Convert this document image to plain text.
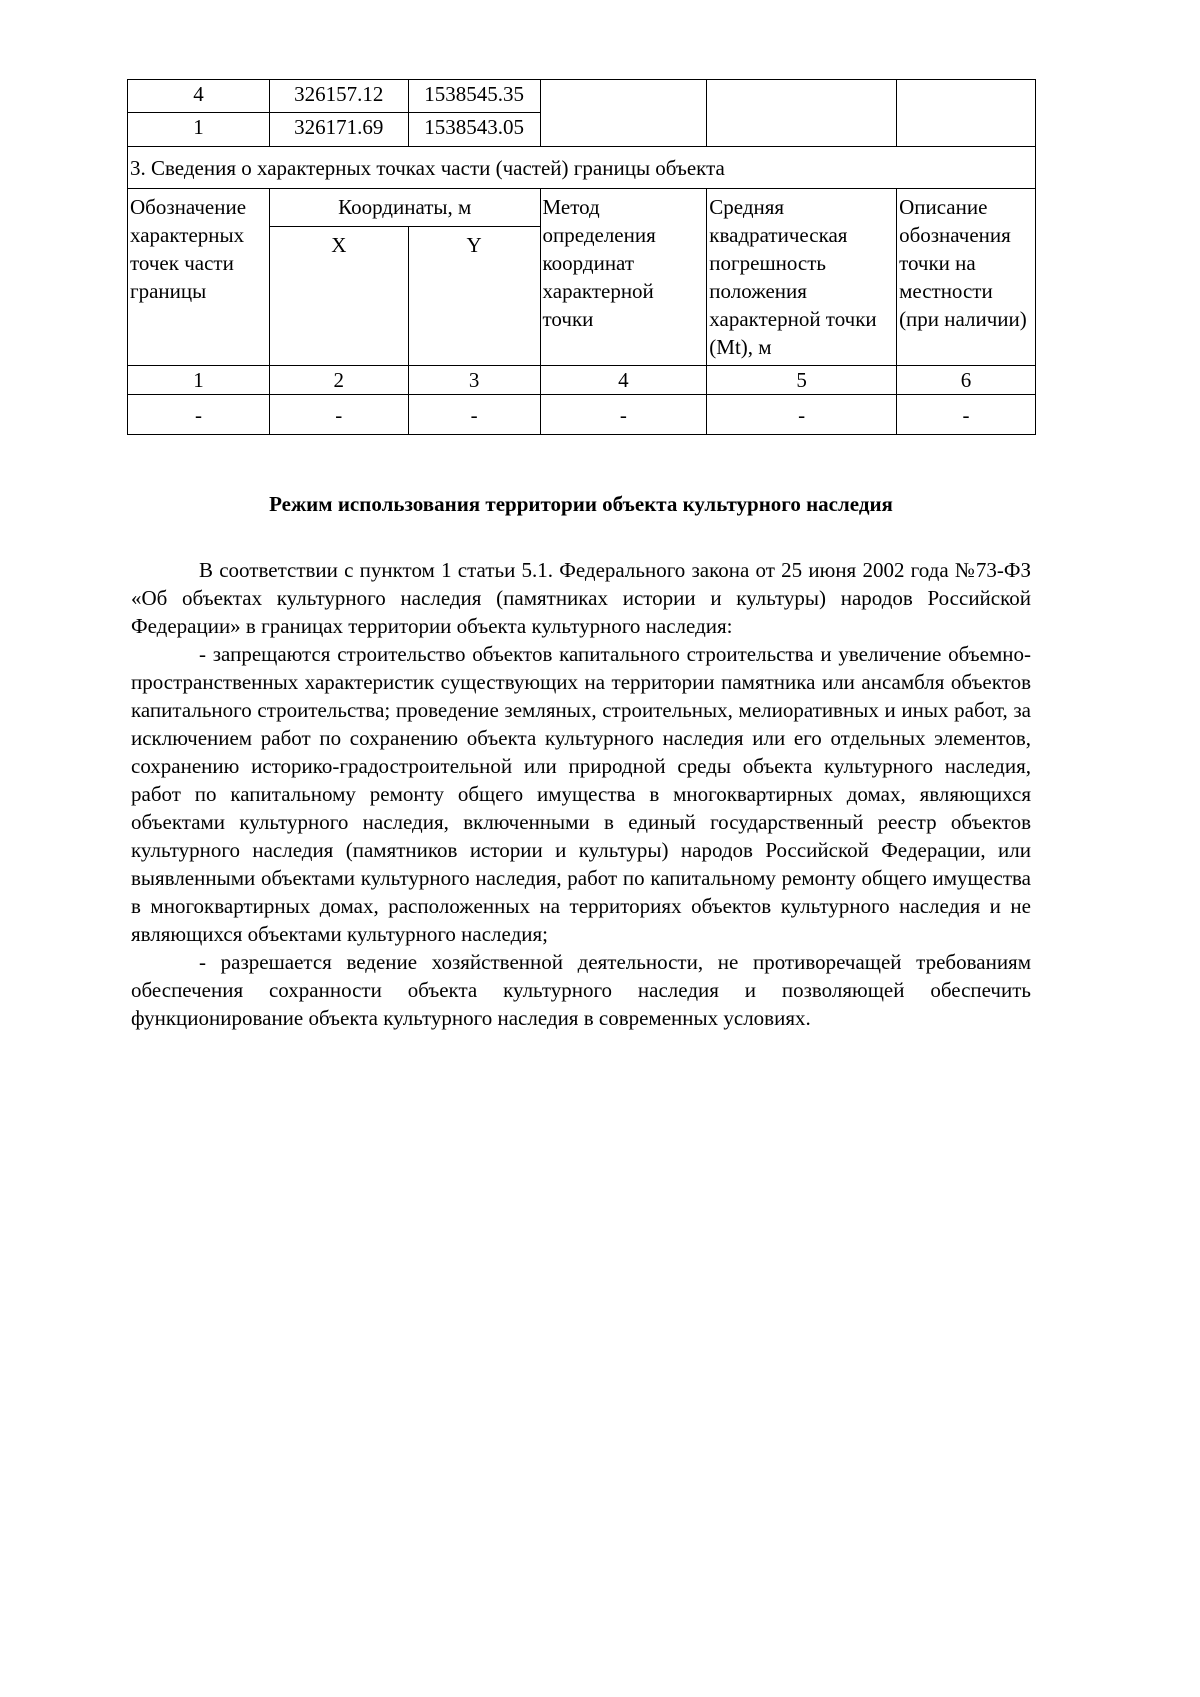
4	326157.12	1538545.35			
1	326171.69	1538543.05			
3. Сведения о характерных точках части (частей) границы объекта					
Обозначение характерных точек части границы	Координаты, м		Метод определения координат характерной точки	Средняя квадратическая погрешность положения характерной точки (Mt), м	Описание обозначения точки на местности (при наличии)
	X	Y			
1	2	3	4	5	6
-	-	-	-	-	-
Режим использования территории объекта культурного наследия

В соответствии с пунктом 1 статьи 5.1. Федерального закона от 25 июня 2002 года №73-ФЗ «Об объектах культурного наследия (памятниках истории и культуры) народов Российской Федерации» в границах территории объекта культурного наследия:

- запрещаются строительство объектов капитального строительства и увеличение объемно-пространственных характеристик существующих на территории памятника или ансамбля объектов капитального строительства; проведение земляных, строительных, мелиоративных и иных работ, за исключением работ по сохранению объекта культурного наследия или его отдельных элементов, сохранению историко-градостроительной или природной среды объекта культурного наследия, работ по капитальному ремонту общего имущества в многоквартирных домах, являющихся объектами культурного наследия, включенными в единый государственный реестр объектов культурного наследия (памятников истории и культуры) народов Российской Федерации, или выявленными объектами культурного наследия, работ по капитальному ремонту общего имущества в многоквартирных домах, расположенных на территориях объектов культурного наследия и не являющихся объектами культурного наследия;

- разрешается ведение хозяйственной деятельности, не противоречащей требованиям обеспечения сохранности объекта культурного наследия и позволяющей обеспечить функционирование объекта культурного наследия в современных условиях.
